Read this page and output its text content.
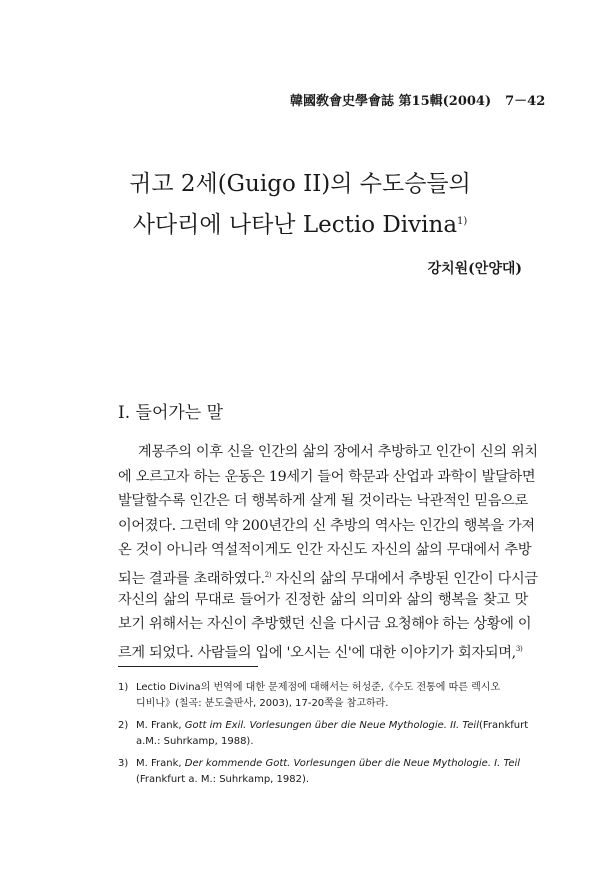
韓國敎會史學會誌 第15輯(2004) 7－42
귀고 2세(Guigo II)의 수도승들의
사다리에 나타난 Lectio Divina$^{1)}$
강치원(안양대)
I. 들어가는 말
계몽주의 이후 신을 인간의 삶의 장에서 추방하고 인간이 신의 위치
에 오르고자 하는 운동은 19세기 들어 학문과 산업과 과학이 발달하면
발달할수록 인간은 더 행복하게 살게 될 것이라는 낙관적인 믿음으로
이어졌다. 그런데 약 200년간의 신 추방의 역사는 인간의 행복을 가져
온 것이 아니라 역설적이게도 인간 자신도 자신의 삶의 무대에서 추방
되는 결과를 초래하였다.$^{2)}$ 자신의 삶의 무대에서 추방된 인간이 다시금
자신의 삶의 무대로 들어가 진정한 삶의 의미와 삶의 행복을 찾고 맛
보기 위해서는 자신이 추방했던 신을 다시금 요청해야 하는 상황에 이
르게 되었다. 사람들의 입에 '오시는 신'에 대한 이야기가 회자되며,$^{3)}$
1) Lectio Divina의 번역에 대한 문제점에 대해서는 허성준,《수도 전통에 따른 렉시오
디비나》(칠곡: 분도출판사, 2003), 17-20쪽을 참고하라.
2) M. Frank, Gott im Exil. Vorlesungen über die Neue Mythologie. II. Teil(Frankfurt
a.M.: Suhrkamp, 1988).
3) M. Frank, Der kommende Gott. Vorlesungen über die Neue Mythologie. I. Teil
(Frankfurt a. M.: Suhrkamp, 1982).
